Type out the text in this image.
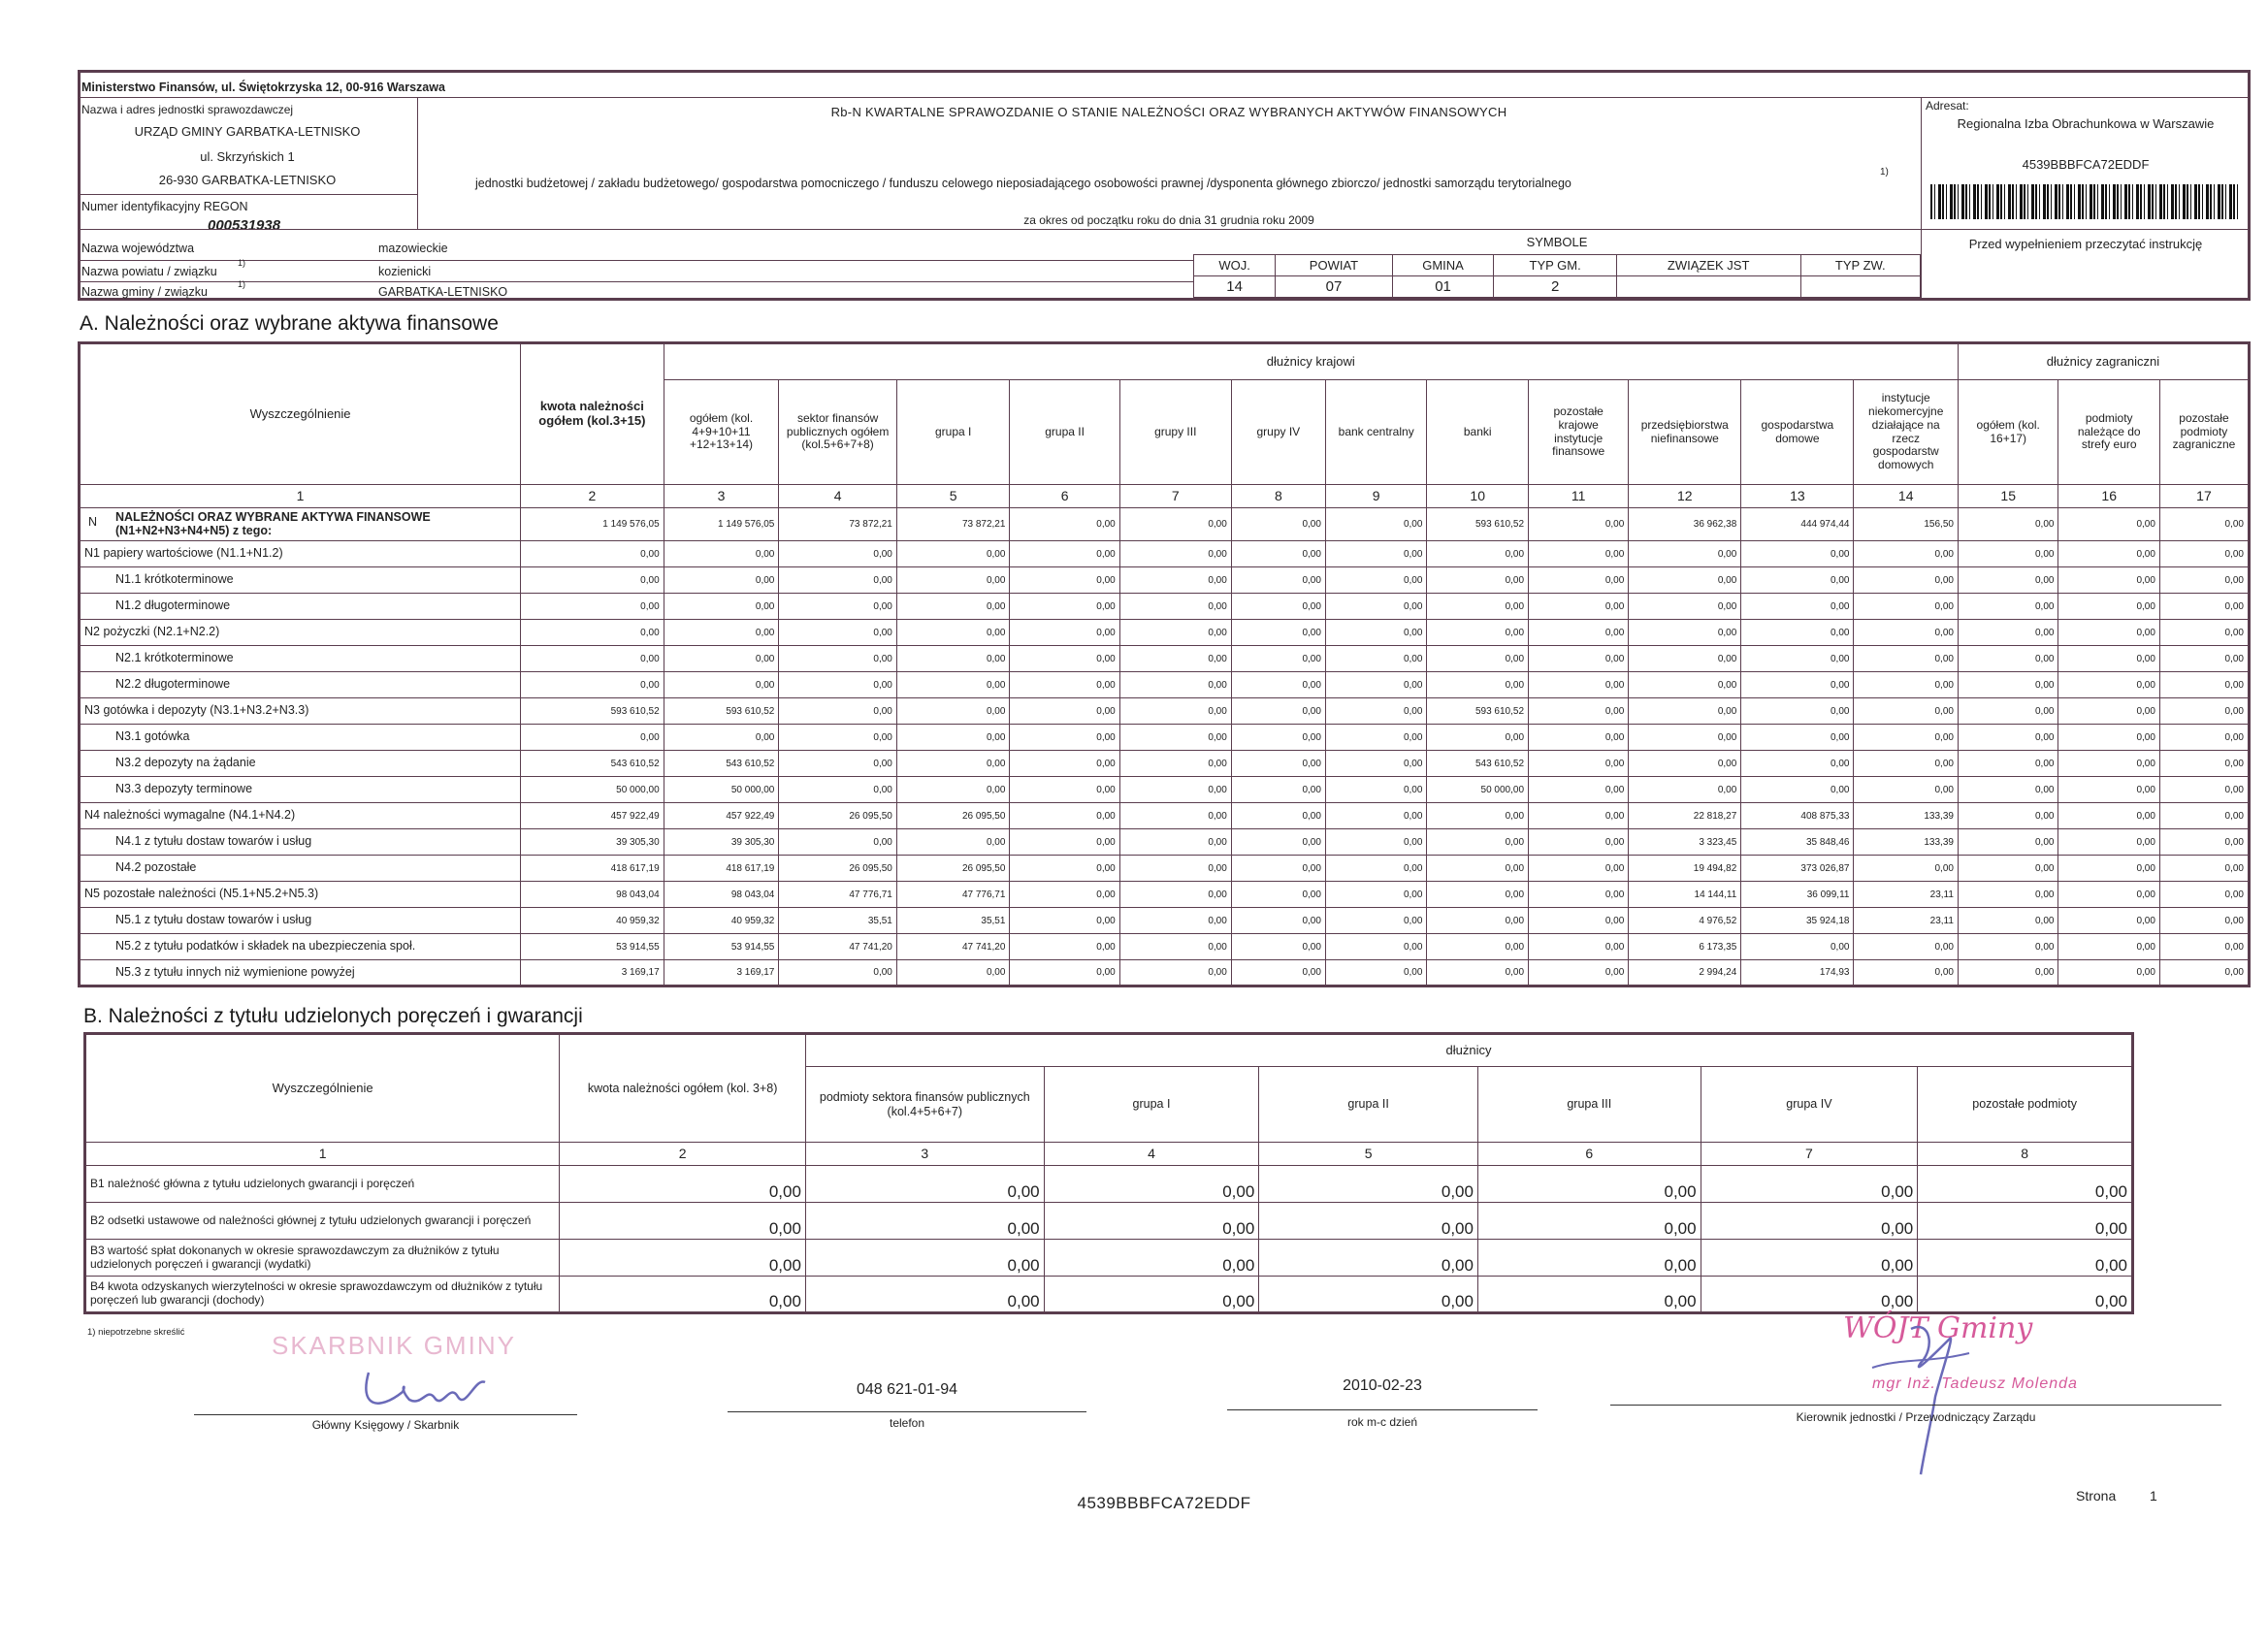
Ministerstwo Finansów, ul. Świętokrzyska 12, 00-916 Warszawa
Nazwa i adres jednostki sprawozdawczej
URZĄD GMINY GARBATKA-LETNISKO
ul. Skrzyńskich 1
26-930 GARBATKA-LETNISKO
Numer identyfikacyjny REGON
000531938
Rb-N KWARTALNE SPRAWOZDANIE O STANIE NALEŻNOŚCI ORAZ WYBRANYCH AKTYWÓW FINANSOWYCH
jednostki budżetowej / zakładu budżetowego/ gospodarstwa pomocniczego / funduszu celowego nieposiadającego osobowości prawnej /dysponenta głównego zbiorczo/ jednostki samorządu terytorialnego
1)
za okres od początku roku do dnia 31 grudnia roku 2009
Adresat:
Regionalna Izba Obrachunkowa w Warszawie
4539BBBFCA72EDDF
Przed wypełnieniem przeczytać instrukcję
Nazwa województwa	mazowieckie
Nazwa powiatu / związku
1)
kozienicki
Nazwa gminy / związku
1)
GARBATKA-LETNISKO
SYMBOLE
WOJ.	POWIAT	GMINA	TYP GM.	ZWIĄZEK JST	TYP ZW.
14	07	01	2		
A. Należności oraz wybrane aktywa finansowe
Wyszczególnienie	kwota należności ogółem (kol.3+15)	dłużnicy krajowi												dłużnicy zagraniczni		
		ogółem (kol. 4+9+10+11 +12+13+14)	sektor finansów publicznych ogółem (kol.5+6+7+8)	grupa I	grupa II	grupy III	grupy IV	bank centralny	banki	pozostałe krajowe instytucje finansowe	przedsiębiorstwa niefinansowe	gospodarstwa domowe	instytucje niekomercyjne działające na rzecz gospodarstw domowych	ogółem (kol. 16+17)	podmioty należące do strefy euro	pozostałe podmioty zagraniczne
1	2	3	4	5	6	7	8	9	10	11	12	13	14	15	16	17

N NALEŻNOŚCI ORAZ WYBRANE AKTYWA FINANSOWE (N1+N2+N3+N4+N5) z tego:	1 149 576,05	1 149 576,05	73 872,21	73 872,21	0,00	0,00	0,00	0,00	593 610,52	0,00	36 962,38	444 974,44	156,50	0,00	0,00	0,00
N1 papiery wartościowe (N1.1+N1.2)	0,00	0,00	0,00	0,00	0,00	0,00	0,00	0,00	0,00	0,00	0,00	0,00	0,00	0,00	0,00	0,00
N1.1 krótkoterminowe	0,00	0,00	0,00	0,00	0,00	0,00	0,00	0,00	0,00	0,00	0,00	0,00	0,00	0,00	0,00	0,00
N1.2 długoterminowe	0,00	0,00	0,00	0,00	0,00	0,00	0,00	0,00	0,00	0,00	0,00	0,00	0,00	0,00	0,00	0,00
N2 pożyczki (N2.1+N2.2)	0,00	0,00	0,00	0,00	0,00	0,00	0,00	0,00	0,00	0,00	0,00	0,00	0,00	0,00	0,00	0,00
N2.1 krótkoterminowe	0,00	0,00	0,00	0,00	0,00	0,00	0,00	0,00	0,00	0,00	0,00	0,00	0,00	0,00	0,00	0,00
N2.2 długoterminowe	0,00	0,00	0,00	0,00	0,00	0,00	0,00	0,00	0,00	0,00	0,00	0,00	0,00	0,00	0,00	0,00
N3 gotówka i depozyty (N3.1+N3.2+N3.3)	593 610,52	593 610,52	0,00	0,00	0,00	0,00	0,00	0,00	593 610,52	0,00	0,00	0,00	0,00	0,00	0,00	0,00
N3.1 gotówka	0,00	0,00	0,00	0,00	0,00	0,00	0,00	0,00	0,00	0,00	0,00	0,00	0,00	0,00	0,00	0,00
N3.2 depozyty na żądanie	543 610,52	543 610,52	0,00	0,00	0,00	0,00	0,00	0,00	543 610,52	0,00	0,00	0,00	0,00	0,00	0,00	0,00
N3.3 depozyty terminowe	50 000,00	50 000,00	0,00	0,00	0,00	0,00	0,00	0,00	50 000,00	0,00	0,00	0,00	0,00	0,00	0,00	0,00
N4 należności wymagalne (N4.1+N4.2)	457 922,49	457 922,49	26 095,50	26 095,50	0,00	0,00	0,00	0,00	0,00	0,00	22 818,27	408 875,33	133,39	0,00	0,00	0,00
N4.1 z tytułu dostaw towarów i usług	39 305,30	39 305,30	0,00	0,00	0,00	0,00	0,00	0,00	0,00	0,00	3 323,45	35 848,46	133,39	0,00	0,00	0,00
N4.2 pozostałe	418 617,19	418 617,19	26 095,50	26 095,50	0,00	0,00	0,00	0,00	0,00	0,00	19 494,82	373 026,87	0,00	0,00	0,00	0,00
N5 pozostałe należności (N5.1+N5.2+N5.3)	98 043,04	98 043,04	47 776,71	47 776,71	0,00	0,00	0,00	0,00	0,00	0,00	14 144,11	36 099,11	23,11	0,00	0,00	0,00
N5.1 z tytułu dostaw towarów i usług	40 959,32	40 959,32	35,51	35,51	0,00	0,00	0,00	0,00	0,00	0,00	4 976,52	35 924,18	23,11	0,00	0,00	0,00
N5.2 z tytułu podatków i składek na ubezpieczenia społ.	53 914,55	53 914,55	47 741,20	47 741,20	0,00	0,00	0,00	0,00	0,00	0,00	6 173,35	0,00	0,00	0,00	0,00	0,00
N5.3 z tytułu innych niż wymienione powyżej	3 169,17	3 169,17	0,00	0,00	0,00	0,00	0,00	0,00	0,00	0,00	2 994,24	174,93	0,00	0,00	0,00	0,00
B. Należności z tytułu udzielonych poręczeń i gwarancji
Wyszczególnienie	kwota należności ogółem (kol. 3+8)	dłużnicy					
		podmioty sektora finansów publicznych (kol.4+5+6+7)	grupa I	grupa II	grupa III	grupa IV	pozostałe podmioty
1	2	3	4	5	6	7	8
B1 należność główna z tytułu udzielonych gwarancji i poręczeń	0,00	0,00	0,00	0,00	0,00	0,00	0,00
B2 odsetki ustawowe od należności głównej z tytułu udzielonych gwarancji i poręczeń	0,00	0,00	0,00	0,00	0,00	0,00	0,00
B3 wartość spłat dokonanych w okresie sprawozdawczym za dłużników z tytułu udzielonych poręczeń i gwarancji (wydatki)	0,00	0,00	0,00	0,00	0,00	0,00	0,00
B4 kwota odzyskanych wierzytelności w okresie sprawozdawczym od dłużników z tytułu poręczeń lub gwarancji (dochody)	0,00	0,00	0,00	0,00	0,00	0,00	0,00
1) niepotrzebne skreślić	SKARBNIK GMINY
Główny Księgowy / Skarbnik
048 621-01-94
telefon
2010-02-23
rok m-c dzień
WÓJT Gminy
mgr Inż. Tadeusz Molenda
Kierownik jednostki / Przewodniczący Zarządu
4539BBBFCA72EDDF	Strona 1
